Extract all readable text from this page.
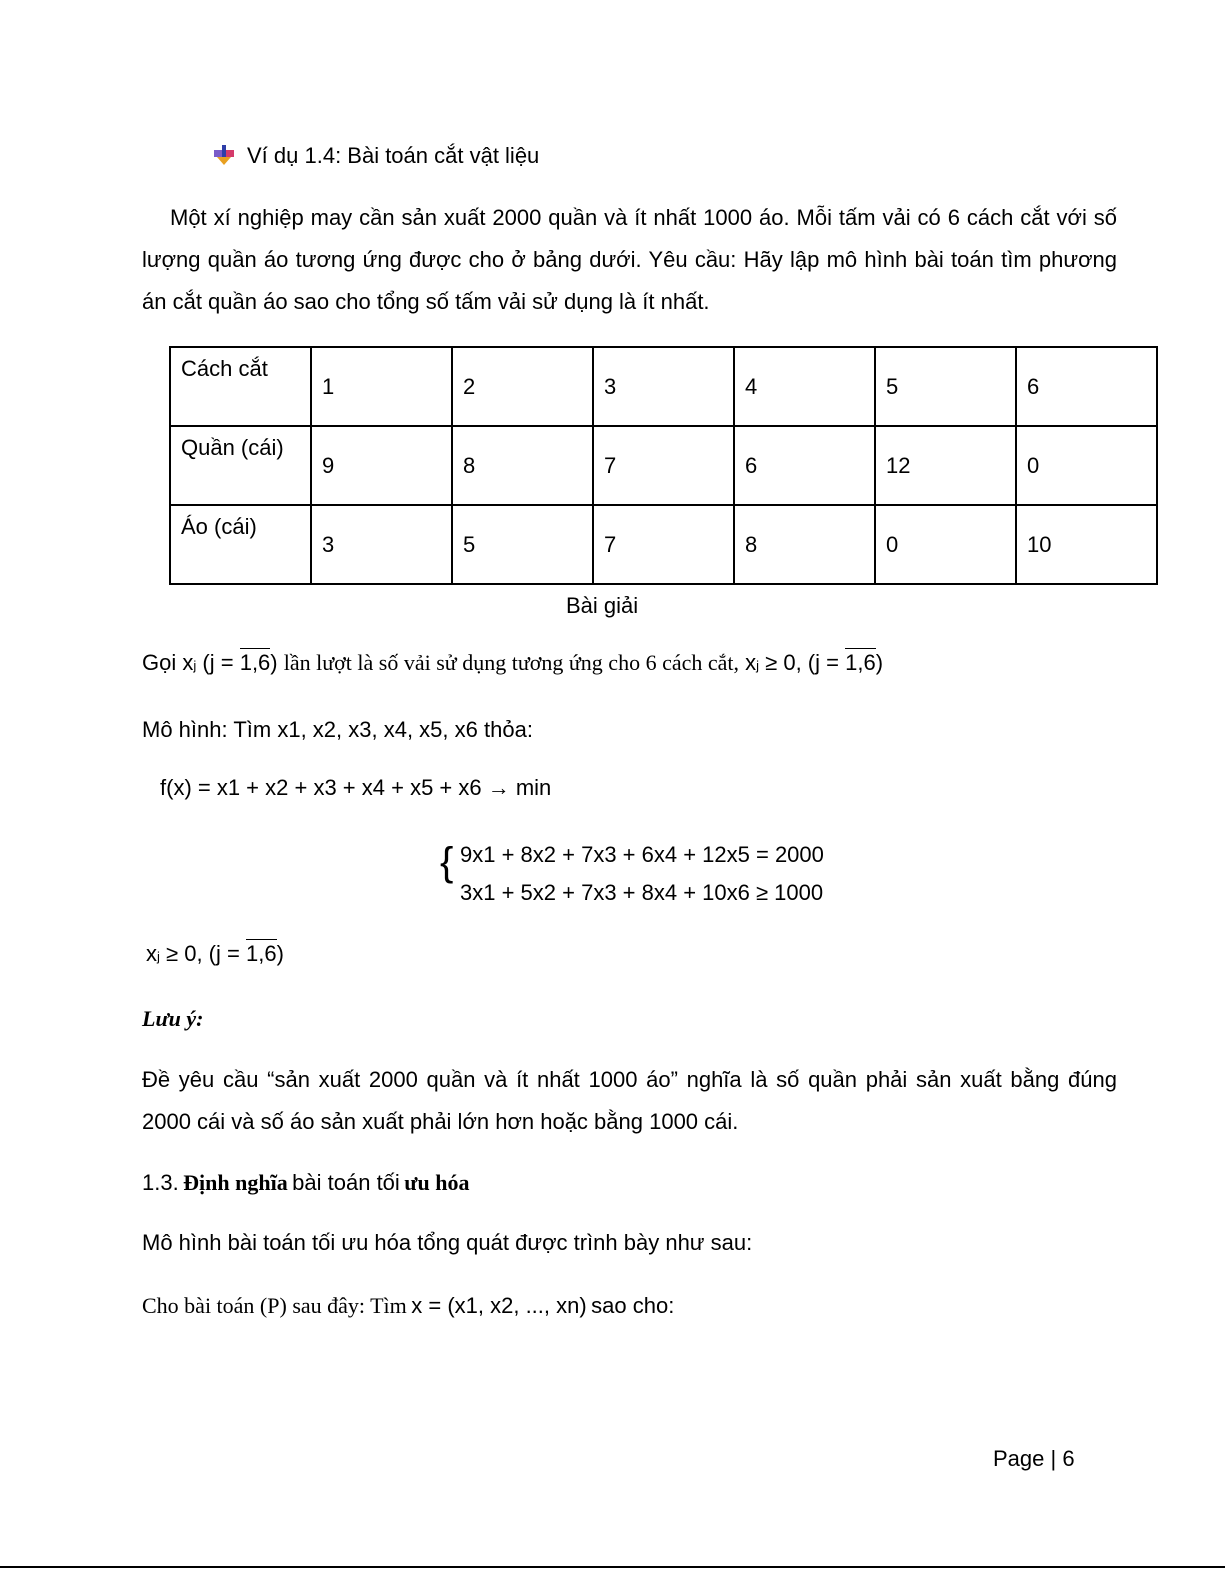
Ví dụ 1.4: Bài toán cắt vật liệu
Một xí nghiệp may cần sản xuất 2000 quần và ít nhất 1000 áo. Mỗi tấm vải có 6 cách cắt với số lượng quần áo tương ứng được cho ở bảng dưới. Yêu cầu: Hãy lập mô hình bài toán tìm phương án cắt quần áo sao cho tổng số tấm vải sử dụng là ít nhất.
Cách cắt	1	2	3	4	5	6
Quần (cái)	9	8	7	6	12	0
Áo (cái)	3	5	7	8	0	10
Bài giải
Gọi xj (j = 1,6) lần lượt là số vải sử dụng tương ứng cho 6 cách cắt, xj ≥ 0, (j = 1,6)
Mô hình: Tìm x1, x2, x3, x4, x5, x6 thỏa:
f(x) = x1 + x2 + x3 + x4 + x5 + x6 → min
{ 9x1 + 8x2 + 7x3 + 6x4 + 12x5 = 2000
3x1 + 5x2 + 7x3 + 8x4 + 10x6 ≥ 1000
xj ≥ 0, (j = 1,6)
Lưu ý:
Đề yêu cầu “sản xuất 2000 quần và ít nhất 1000 áo” nghĩa là số quần phải sản xuất bằng đúng 2000 cái và số áo sản xuất phải lớn hơn hoặc bằng 1000 cái.
1.3. Định nghĩa bài toán tối ưu hóa
Mô hình bài toán tối ưu hóa tổng quát được trình bày như sau:
Cho bài toán (P) sau đây: Tìm x = (x1, x2, ..., xn) sao cho:
Page | 6
